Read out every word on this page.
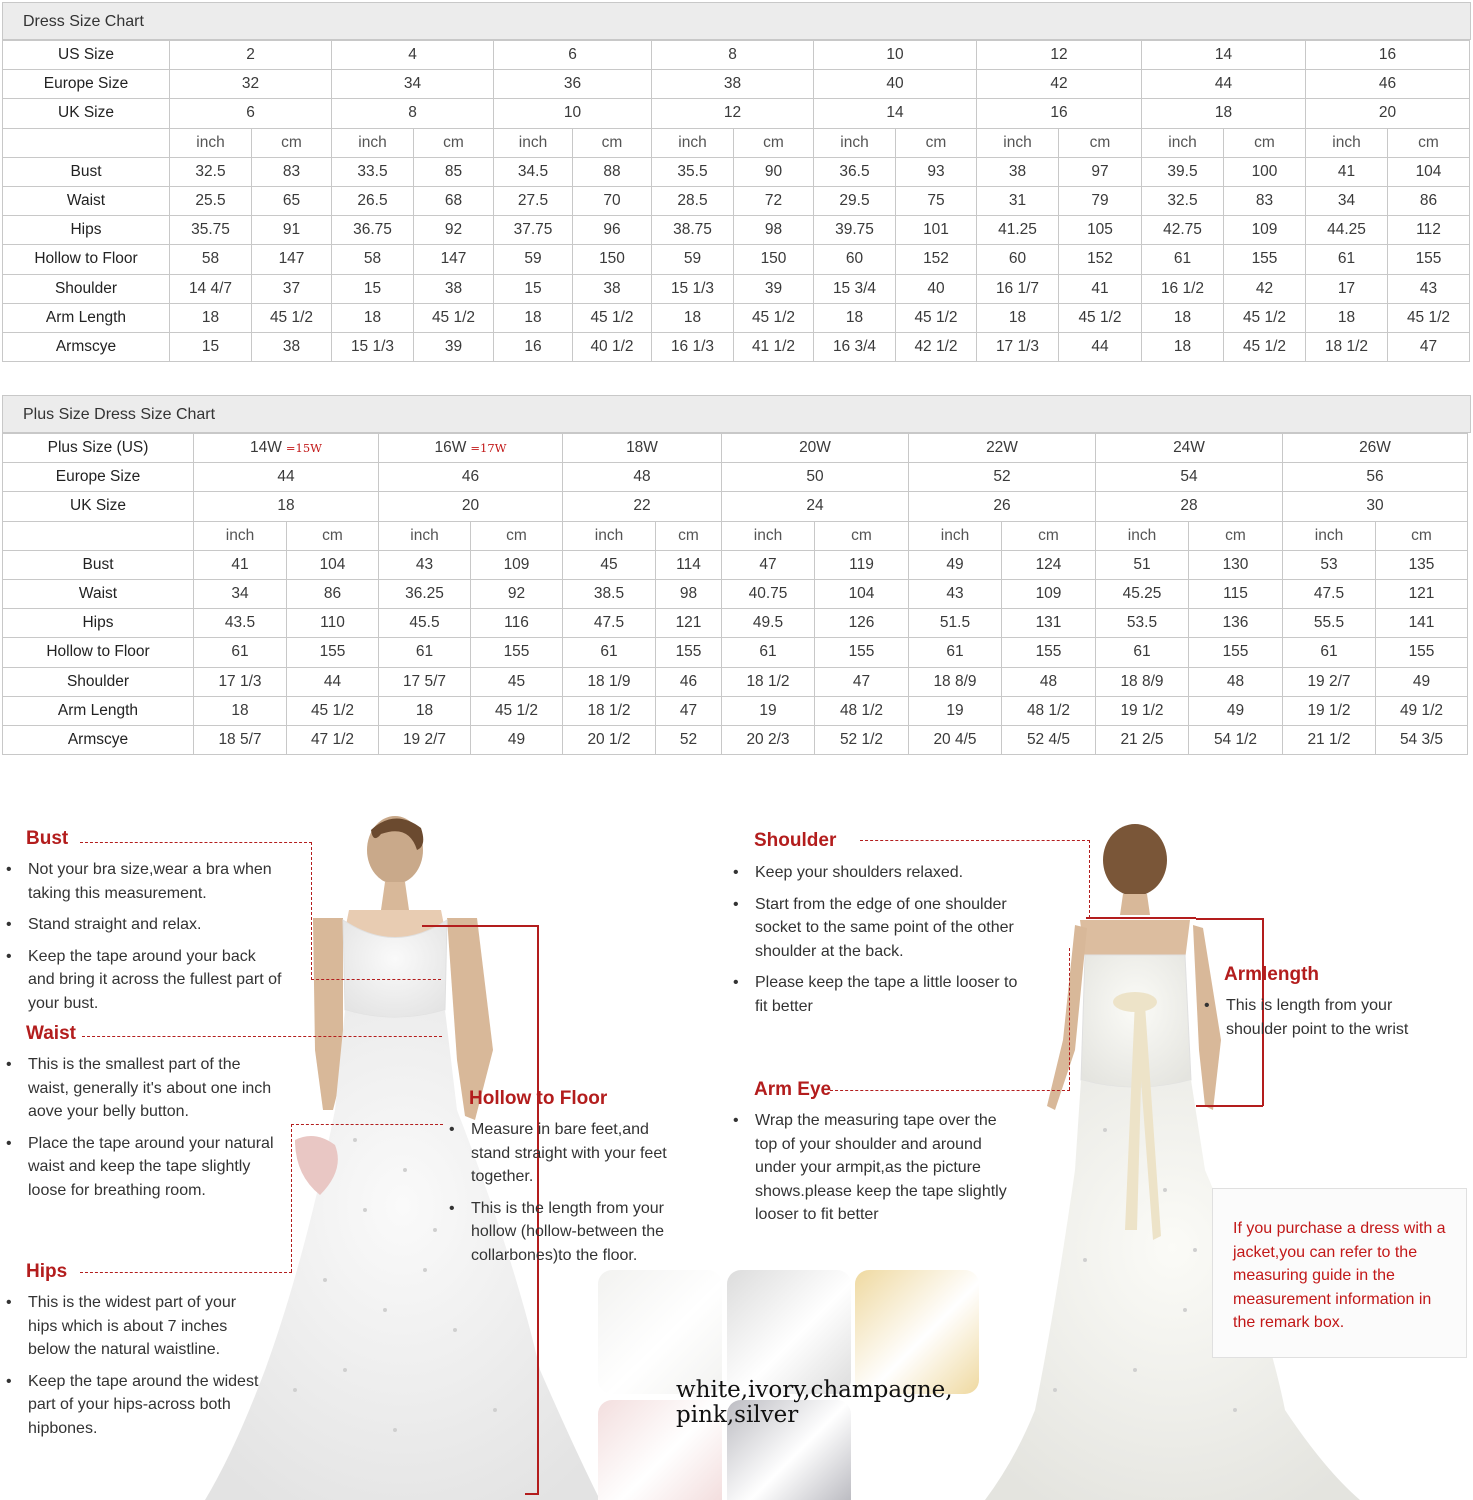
Dress Size Chart
US Size	2		4		6		8		10		12		14		16	
Europe Size	32		34		36		38		40		42		44		46	
UK Size	6		8		10		12		14		16		18		20	
	inch	cm	inch	cm	inch	cm	inch	cm	inch	cm	inch	cm	inch	cm	inch	cm
Bust	32.5	83	33.5	85	34.5	88	35.5	90	36.5	93	38	97	39.5	100	41	104
Waist	25.5	65	26.5	68	27.5	70	28.5	72	29.5	75	31	79	32.5	83	34	86
Hips	35.75	91	36.75	92	37.75	96	38.75	98	39.75	101	41.25	105	42.75	109	44.25	112
Hollow to Floor	58	147	58	147	59	150	59	150	60	152	60	152	61	155	61	155
Shoulder	14 4/7	37	15	38	15	38	15 1/3	39	15 3/4	40	16 1/7	41	16 1/2	42	17	43
Arm Length	18	45 1/2	18	45 1/2	18	45 1/2	18	45 1/2	18	45 1/2	18	45 1/2	18	45 1/2	18	45 1/2
Armscye	15	38	15 1/3	39	16	40 1/2	16 1/3	41 1/2	16 3/4	42 1/2	17 1/3	44	18	45 1/2	18 1/2	47
Plus Size Dress Size Chart
Plus Size (US)	14W =15W		16W =17W		18W		20W		22W		24W		26W	
Europe Size	44		46		48		50		52		54		56	
UK Size	18		20		22		24		26		28		30	
	inch	cm	inch	cm	inch	cm	inch	cm	inch	cm	inch	cm	inch	cm
Bust	41	104	43	109	45	114	47	119	49	124	51	130	53	135
Waist	34	86	36.25	92	38.5	98	40.75	104	43	109	45.25	115	47.5	121
Hips	43.5	110	45.5	116	47.5	121	49.5	126	51.5	131	53.5	136	55.5	141
Hollow to Floor	61	155	61	155	61	155	61	155	61	155	61	155	61	155
Shoulder	17 1/3	44	17 5/7	45	18 1/9	46	18 1/2	47	18 8/9	48	18 8/9	48	19 2/7	49
Arm Length	18	45 1/2	18	45 1/2	18 1/2	47	19	48 1/2	19	48 1/2	19 1/2	49	19 1/2	49 1/2
Armscye	18 5/7	47 1/2	19 2/7	49	20 1/2	52	20 2/3	52 1/2	20 4/5	52 4/5	21 2/5	54 1/2	21 1/2	54 3/5
Bust
• Not your bra size,wear a bra when taking this measurement.
• Stand straight and relax.
• Keep the tape around your back and bring it across the fullest part of your bust.
Waist
• This is the smallest part of the waist, generally it's about one inch aove your belly button.
• Place the tape around your natural waist and keep the tape slightly loose for breathing room.
Hips
• This is the widest part of your hips which is about 7 inches below the natural waistline.
• Keep the tape around the widest part of your hips-across both hipbones.
Hollow to Floor
• Measure in bare feet,and stand straight with your feet together.
• This is the length from your hollow (hollow-between the collarbones)to the floor.
Shoulder
• Keep your shoulders relaxed.
• Start from the edge of one shoulder socket to the same point of the other shoulder at the back.
• Please keep the tape a little looser to fit better
Arm Eye
• Wrap the measuring tape over the top of your shoulder and around under your armpit,as the picture shows.please keep the tape slightly looser to fit better
Armlength
• This is length from your shoulder point to the wrist
If you purchase a dress with a jacket,you can refer to the measuring guide in the measurement information in the remark box.
white,ivory,champagne,
pink,silver
